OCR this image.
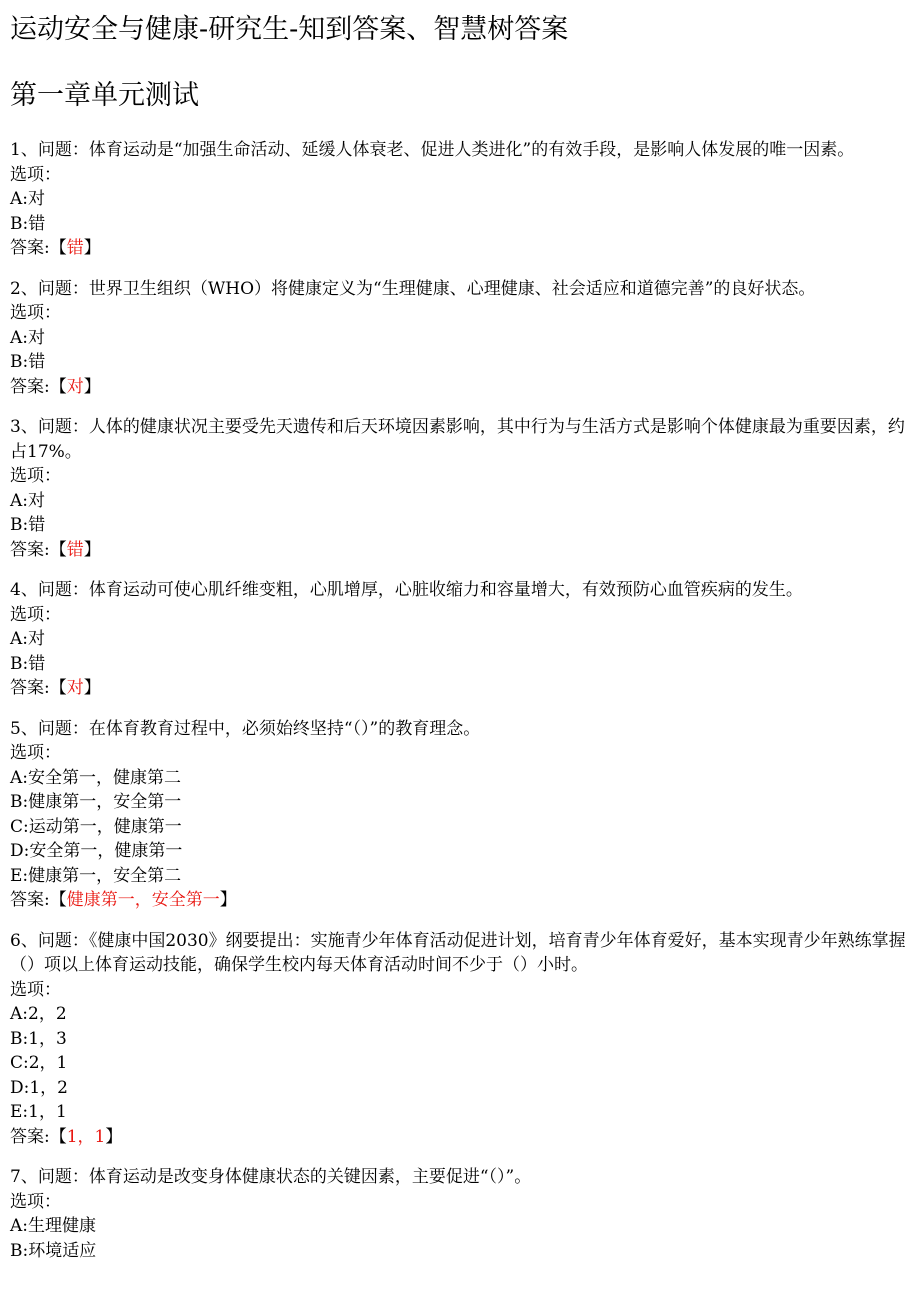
运动安全与健康-研究生-知到答案、智慧树答案
第一章单元测试
1、问题：体育运动是“加强生命活动、延缓人体衰老、促进人类进化”的有效手段，是影响人体发展的唯一因素。
选项：
A:对
B:错
答案:【错】
2、问题：世界卫生组织（WHO）将健康定义为“生理健康、心理健康、社会适应和道德完善”的良好状态。
选项：
A:对
B:错
答案:【对】
3、问题：人体的健康状况主要受先天遗传和后天环境因素影响，其中行为与生活方式是影响个体健康最为重要因素，约占17%。
选项：
A:对
B:错
答案:【错】
4、问题：体育运动可使心肌纤维变粗，心肌增厚，心脏收缩力和容量增大，有效预防心血管疾病的发生。
选项：
A:对
B:错
答案:【对】
5、问题：在体育教育过程中，必须始终坚持“（）”的教育理念。
选项：
A:安全第一，健康第二
B:健康第一，安全第一
C:运动第一，健康第一
D:安全第一，健康第一
E:健康第一，安全第二
答案:【健康第一，安全第一】
6、问题：《健康中国2030》纲要提出：实施青少年体育活动促进计划，培育青少年体育爱好，基本实现青少年熟练掌握（）项以上体育运动技能，确保学生校内每天体育活动时间不少于（）小时。
选项：
A:2，2
B:1，3
C:2，1
D:1，2
E:1，1
答案:【1，1】
7、问题：体育运动是改变身体健康状态的关键因素，主要促进“（）”。
选项：
A:生理健康
B:环境适应
